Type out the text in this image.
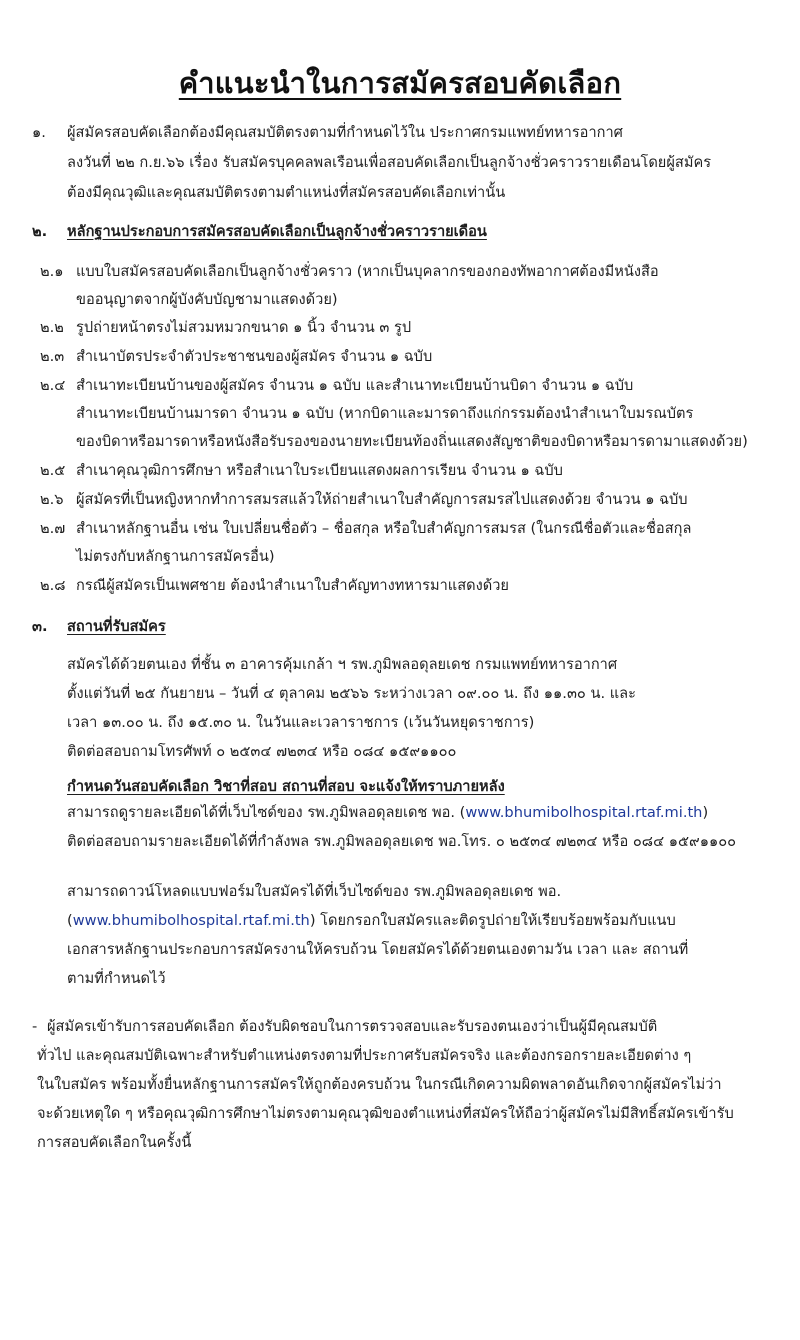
คำแนะนำในการสมัครสอบคัดเลือก
๑. ผู้สมัครสอบคัดเลือกต้องมีคุณสมบัติตรงตามที่กำหนดไว้ใน ประกาศกรมแพทย์ทหารอากาศ
ลงวันที่ ๒๒ ก.ย.๖๖ เรื่อง รับสมัครบุคคลพลเรือนเพื่อสอบคัดเลือกเป็นลูกจ้างชั่วคราวรายเดือนโดยผู้สมัคร
ต้องมีคุณวุฒิและคุณสมบัติตรงตามตำแหน่งที่สมัครสอบคัดเลือกเท่านั้น
๒. หลักฐานประกอบการสมัครสอบคัดเลือกเป็นลูกจ้างชั่วคราวรายเดือน
๒.๑ แบบใบสมัครสอบคัดเลือกเป็นลูกจ้างชั่วคราว (หากเป็นบุคลากรของกองทัพอากาศต้องมีหนังสือ
ขออนุญาตจากผู้บังคับบัญชามาแสดงด้วย)
๒.๒ รูปถ่ายหน้าตรงไม่สวมหมวกขนาด ๑ นิ้ว จำนวน ๓ รูป
๒.๓ สำเนาบัตรประจำตัวประชาชนของผู้สมัคร จำนวน ๑ ฉบับ
๒.๔ สำเนาทะเบียนบ้านของผู้สมัคร จำนวน ๑ ฉบับ และสำเนาทะเบียนบ้านบิดา จำนวน ๑ ฉบับ
สำเนาทะเบียนบ้านมารดา จำนวน ๑ ฉบับ (หากบิดาและมารดาถึงแก่กรรมต้องนำสำเนาใบมรณบัตร
ของบิดาหรือมารดาหรือหนังสือรับรองของนายทะเบียนท้องถิ่นแสดงสัญชาติของบิดาหรือมารดามาแสดงด้วย)
๒.๕ สำเนาคุณวุฒิการศึกษา หรือสำเนาใบระเบียนแสดงผลการเรียน จำนวน ๑ ฉบับ
๒.๖ ผู้สมัครที่เป็นหญิงหากทำการสมรสแล้วให้ถ่ายสำเนาใบสำคัญการสมรสไปแสดงด้วย จำนวน ๑ ฉบับ
๒.๗ สำเนาหลักฐานอื่น เช่น ใบเปลี่ยนชื่อตัว – ชื่อสกุล หรือใบสำคัญการสมรส (ในกรณีชื่อตัวและชื่อสกุล
ไม่ตรงกับหลักฐานการสมัครอื่น)
๒.๘ กรณีผู้สมัครเป็นเพศชาย ต้องนำสำเนาใบสำคัญทางทหารมาแสดงด้วย
๓. สถานที่รับสมัคร
สมัครได้ด้วยตนเอง ที่ชั้น ๓ อาคารคุ้มเกล้า ฯ รพ.ภูมิพลอดุลยเดช กรมแพทย์ทหารอากาศ
ตั้งแต่วันที่ ๒๕ กันยายน – วันที่ ๔ ตุลาคม ๒๕๖๖ ระหว่างเวลา ๐๙.๐๐ น. ถึง ๑๑.๓๐ น. และ
เวลา ๑๓.๐๐ น. ถึง ๑๕.๓๐ น. ในวันและเวลาราชการ (เว้นวันหยุดราชการ)
ติดต่อสอบถามโทรศัพท์ ๐ ๒๕๓๔ ๗๒๓๔ หรือ ๐๘๔ ๑๕๙๑๑๐๐
กำหนดวันสอบคัดเลือก วิชาที่สอบ สถานที่สอบ จะแจ้งให้ทราบภายหลัง
สามารถดูรายละเอียดได้ที่เว็บไซด์ของ รพ.ภูมิพลอดุลยเดช พอ. (www.bhumibolhospital.rtaf.mi.th)
ติดต่อสอบถามรายละเอียดได้ที่กำลังพล รพ.ภูมิพลอดุลยเดช พอ.โทร. ๐ ๒๕๓๔ ๗๒๓๔ หรือ ๐๘๔ ๑๕๙๑๑๐๐
สามารถดาวน์โหลดแบบฟอร์มใบสมัครได้ที่เว็บไซด์ของ รพ.ภูมิพลอดุลยเดช พอ.
(www.bhumibolhospital.rtaf.mi.th) โดยกรอกใบสมัครและติดรูปถ่ายให้เรียบร้อยพร้อมกับแนบ
เอกสารหลักฐานประกอบการสมัครงานให้ครบถ้วน โดยสมัครได้ด้วยตนเองตามวัน เวลา และ สถานที่
ตามที่กำหนดไว้
- ผู้สมัครเข้ารับการสอบคัดเลือก ต้องรับผิดชอบในการตรวจสอบและรับรองตนเองว่าเป็นผู้มีคุณสมบัติ
ทั่วไป และคุณสมบัติเฉพาะสำหรับตำแหน่งตรงตามที่ประกาศรับสมัครจริง และต้องกรอกรายละเอียดต่าง ๆ
ในใบสมัคร พร้อมทั้งยื่นหลักฐานการสมัครให้ถูกต้องครบถ้วน ในกรณีเกิดความผิดพลาดอันเกิดจากผู้สมัครไม่ว่า
จะด้วยเหตุใด ๆ หรือคุณวุฒิการศึกษาไม่ตรงตามคุณวุฒิของตำแหน่งที่สมัครให้ถือว่าผู้สมัครไม่มีสิทธิ์สมัครเข้ารับ
การสอบคัดเลือกในครั้งนี้
